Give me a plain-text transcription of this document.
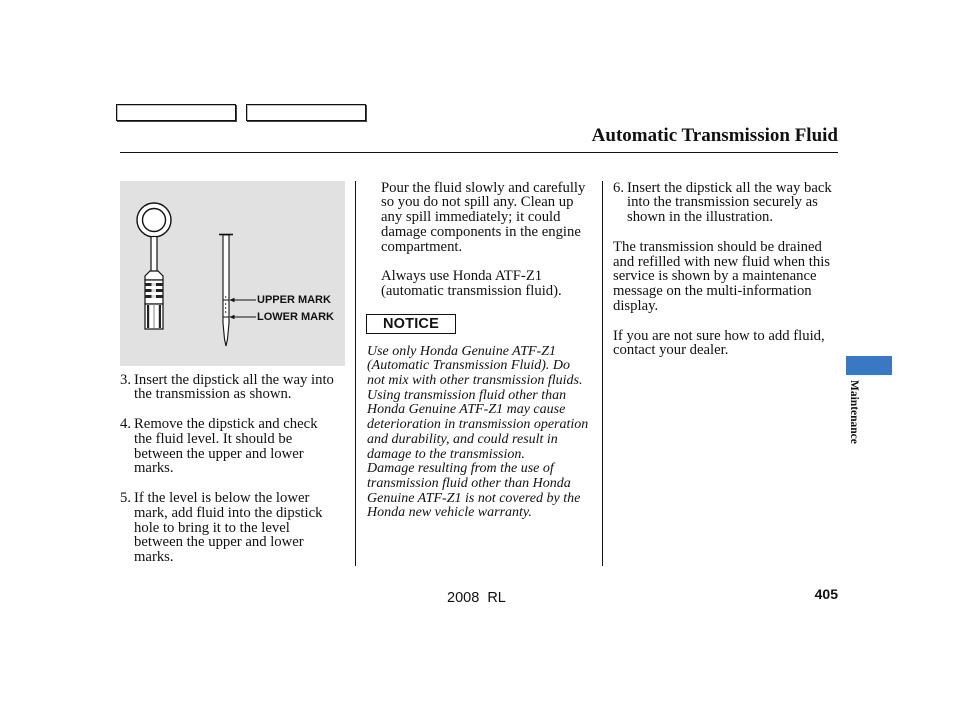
Automatic Transmission Fluid
UPPER MARK
LOWER MARK
3. Insert the dipstick all the way into
the transmission as shown.
4. Remove the dipstick and check
the fluid level. It should be
between the upper and lower
marks.
5. If the level is below the lower
mark, add fluid into the dipstick
hole to bring it to the level
between the upper and lower
marks.
Pour the fluid slowly and carefully
so you do not spill any. Clean up
any spill immediately; it could
damage components in the engine
compartment.
Always use Honda ATF-Z1
(automatic transmission fluid).
NOTICE
Use only Honda Genuine ATF-Z1
(Automatic Transmission Fluid). Do
not mix with other transmission fluids.
Using transmission fluid other than
Honda Genuine ATF-Z1 may cause
deterioration in transmission operation
and durability, and could result in
damage to the transmission.
Damage resulting from the use of
transmission fluid other than Honda
Genuine ATF-Z1 is not covered by the
Honda new vehicle warranty.
6. Insert the dipstick all the way back
into the transmission securely as
shown in the illustration.
The transmission should be drained
and refilled with new fluid when this
service is shown by a maintenance
message on the multi-information
display.
If you are not sure how to add fluid,
contact your dealer.
Maintenance
2008  RL	405
